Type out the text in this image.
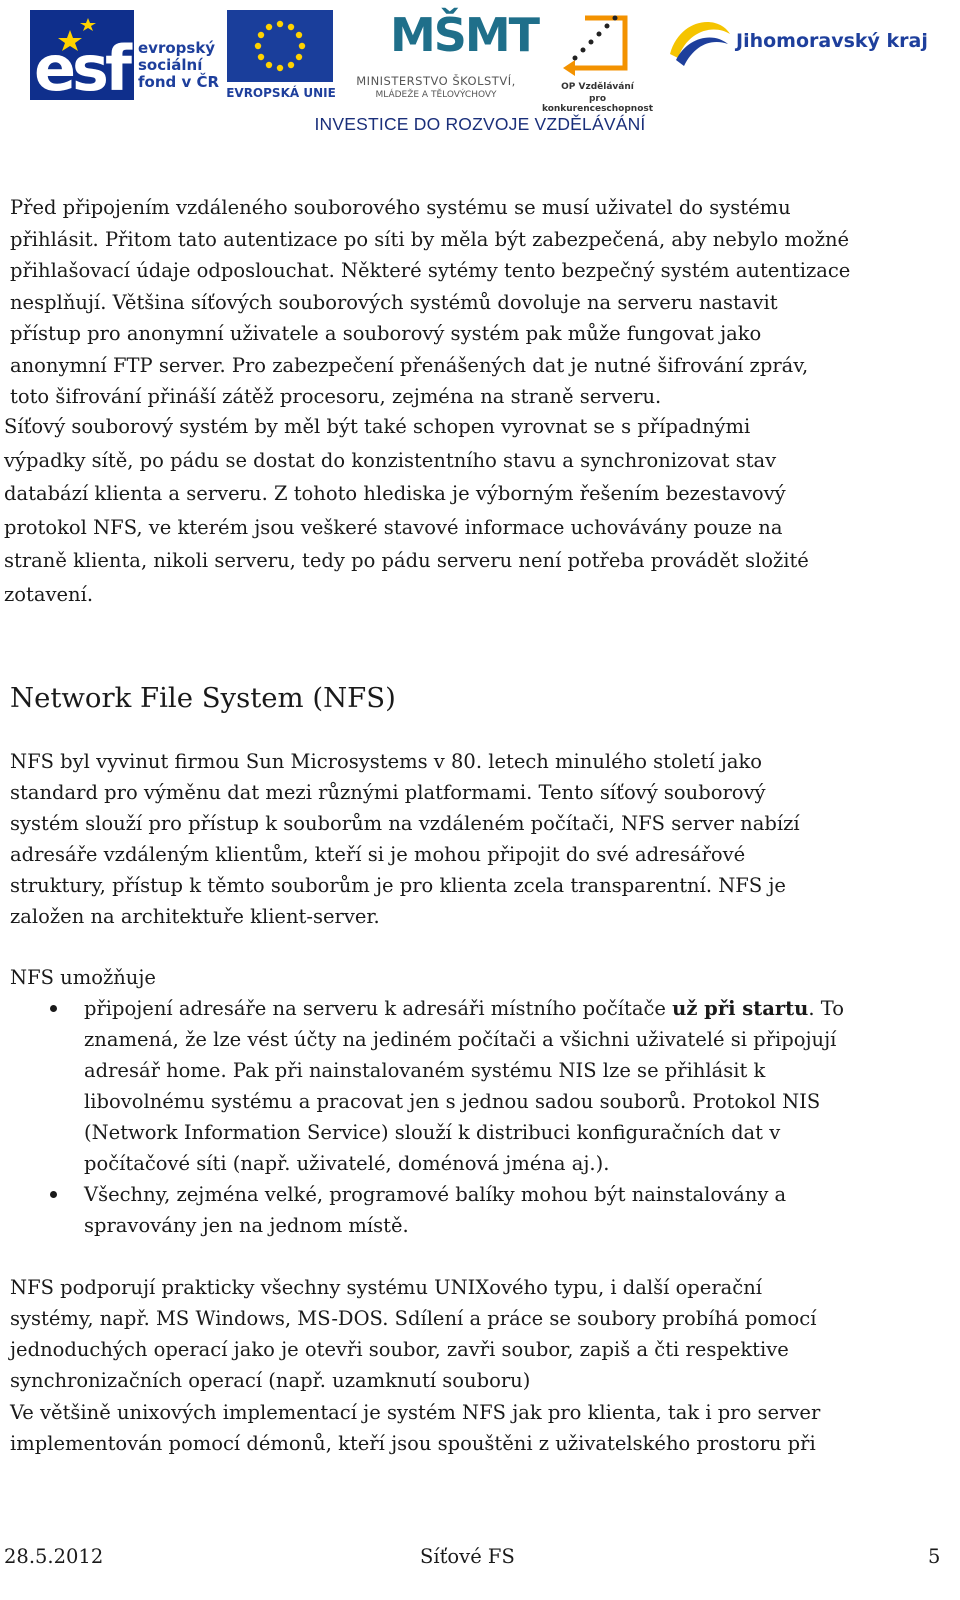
esf evropský
sociální
fond v ČR
EVROPSKÁ UNIE
MŠMT
MINISTERSTVO ŠKOLSTVÍ,
MLÁDEŽE A TĚLOVÝCHOVY
OP Vzdělávání
pro konkurenceschopnost
Jihomoravský kraj
INVESTICE DO ROZVOJE VZDĚLÁVÁNÍ

Před připojením vzdáleného souborového systému se musí uživatel do systému
přihlásit. Přitom tato autentizace po síti by měla být zabezpečená, aby nebylo možné
přihlašovací údaje odposlouchat. Některé sytémy tento bezpečný systém autentizace
nesplňují. Většina síťových souborových systémů dovoluje na serveru nastavit
přístup pro anonymní uživatele a souborový systém pak může fungovat jako
anonymní FTP server. Pro zabezpečení přenášených dat je nutné šifrování zpráv,
toto šifrování přináší zátěž procesoru, zejména na straně serveru.

Síťový souborový systém by měl být také schopen vyrovnat se s případnými
výpadky sítě, po pádu se dostat do konzistentního stavu a synchronizovat stav
databází klienta a serveru. Z tohoto hlediska je výborným řešením bezestavový
protokol NFS, ve kterém jsou veškeré stavové informace uchovávány pouze na
straně klienta, nikoli serveru, tedy po pádu serveru není potřeba provádět složité
zotavení.

Network File System (NFS)

NFS byl vyvinut firmou Sun Microsystems v 80. letech minulého století jako
standard pro výměnu dat mezi různými platformami. Tento síťový souborový
systém slouží pro přístup k souborům na vzdáleném počítači, NFS server nabízí
adresáře vzdáleným klientům, kteří si je mohou připojit do své adresářové
struktury, přístup k těmto souborům je pro klienta zcela transparentní. NFS je
založen na architektuře klient-server.

NFS umožňuje

připojení adresáře na serveru k adresáři místního počítače už při startu. To
znamená, že lze vést účty na jediném počítači a všichni uživatelé si připojují
adresář home. Pak při nainstalovaném systému NIS lze se přihlásit k
libovolnému systému a pracovat jen s jednou sadou souborů. Protokol NIS
(Network Information Service) slouží k distribuci konfiguračních dat v
počítačové síti (např. uživatelé, doménová jména aj.).
Všechny, zejména velké, programové balíky mohou být nainstalovány a
spravovány jen na jednom místě.

NFS podporují prakticky všechny systému UNIXového typu, i další operační
systémy, např. MS Windows, MS-DOS. Sdílení a práce se soubory probíhá pomocí
jednoduchých operací jako je otevři soubor, zavři soubor, zapiš a čti respektive
synchronizačních operací (např. uzamknutí souboru)

Ve většině unixových implementací je systém NFS jak pro klienta, tak i pro server
implementován pomocí démonů, kteří jsou spouštěni z uživatelského prostoru při

28.5.2012	Síťové FS	5
